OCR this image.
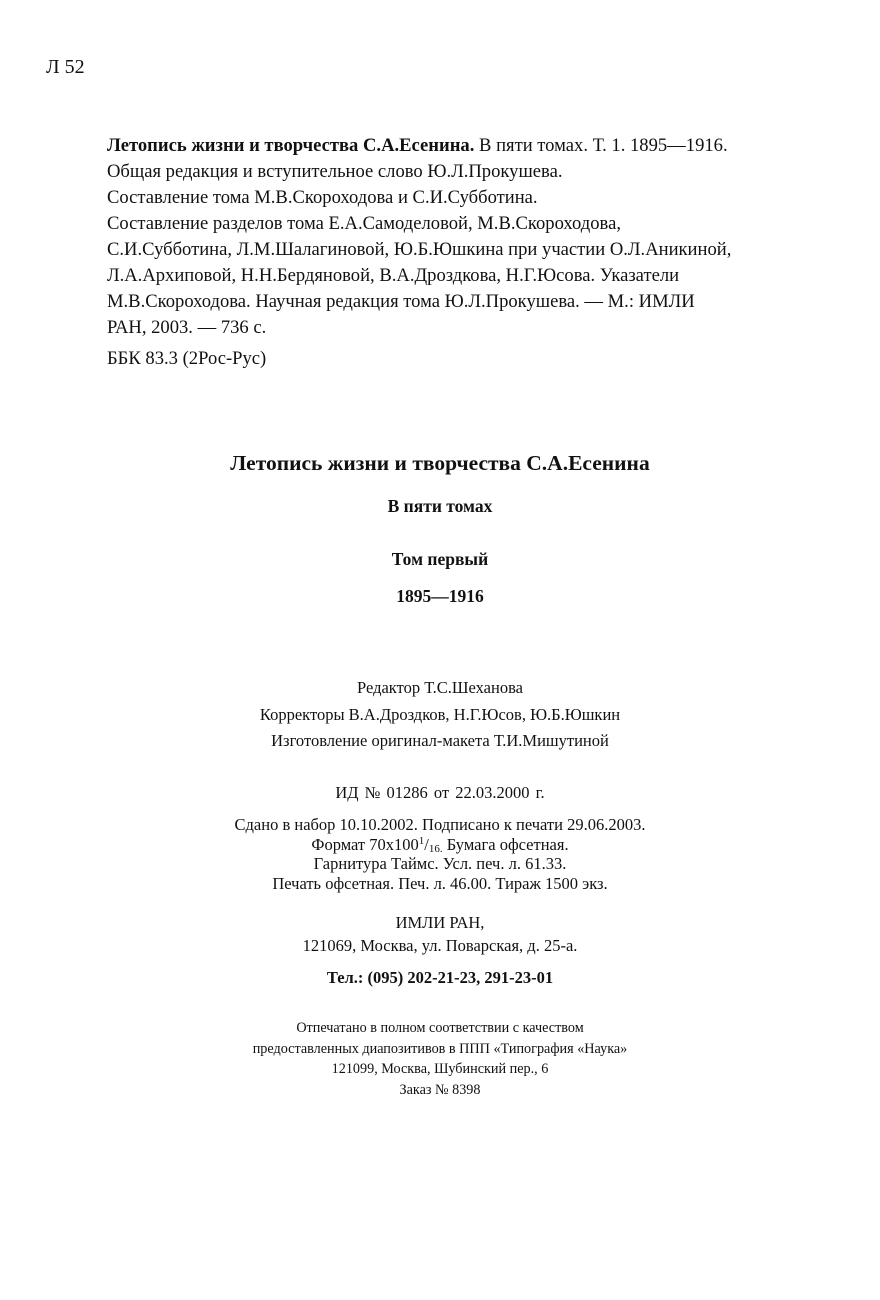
Л 52
Летопись жизни и творчества С.А.Есенина. В пяти томах. Т. 1. 1895—1916.
Общая редакция и вступительное слово Ю.Л.Прокушева.
Составление тома М.В.Скороходова и С.И.Субботина.
Составление разделов тома Е.А.Самоделовой, М.В.Скороходова,
С.И.Субботина, Л.М.Шалагиновой, Ю.Б.Юшкина при участии О.Л.Аникиной,
Л.А.Архиповой, Н.Н.Бердяновой, В.А.Дроздкова, Н.Г.Юсова. Указатели
М.В.Скороходова. Научная редакция тома Ю.Л.Прокушева. — М.: ИМЛИ
РАН, 2003. — 736 с.
ББК 83.3 (2Рос-Рус)
Летопись жизни и творчества С.А.Есенина
В пяти томах
Том первый
1895—1916
Редактор Т.С.Шеханова
Корректоры В.А.Дроздков, Н.Г.Юсов, Ю.Б.Юшкин
Изготовление оригинал-макета Т.И.Мишутиной
ИД № 01286 от 22.03.2000 г.
Сдано в набор 10.10.2002. Подписано к печати 29.06.2003.
Формат $70х100^1/_{16.}$ Бумага офсетная.
Гарнитура Таймс. Усл. печ. л. 61.33.
Печать офсетная. Печ. л. 46.00. Тираж 1500 экз.
ИМЛИ РАН,
121069, Москва, ул. Поварская, д. 25-а.
Тел.: (095) 202-21-23, 291-23-01
Отпечатано в полном соответствии с качеством
предоставленных диапозитивов в ППП «Типография «Наука»
121099, Москва, Шубинский пер., 6
Заказ № 8398
